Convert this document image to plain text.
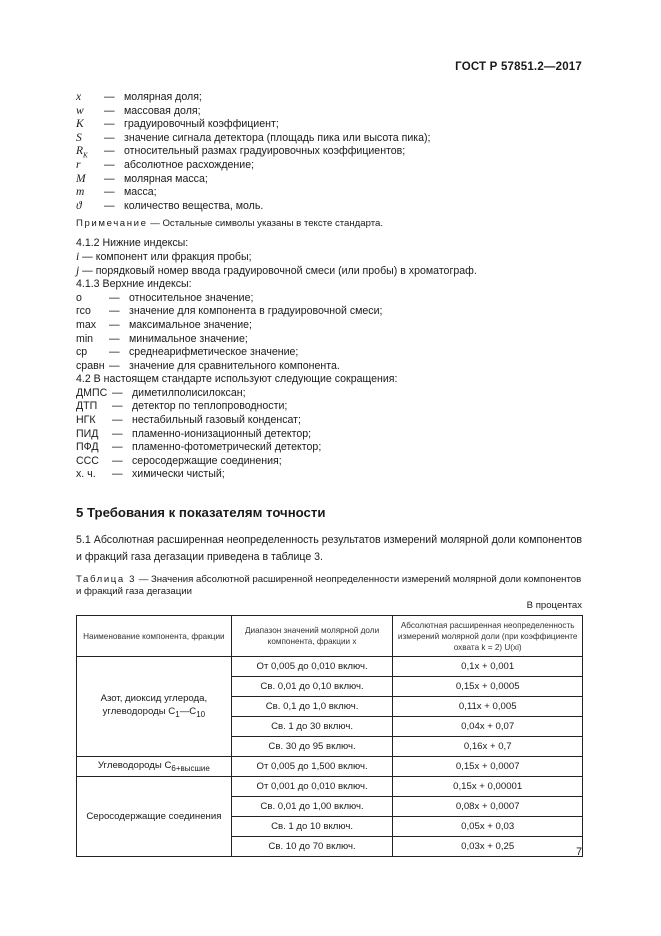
ГОСТ Р 57851.2—2017
x — молярная доля;
w — массовая доля;
K — градуировочный коэффициент;
S — значение сигнала детектора (площадь пика или высота пика);
$R_K$ — относительный размах градуировочных коэффициентов;
r — абсолютное расхождение;
M — молярная масса;
m — масса;
ϑ — количество вещества, моль.
Примечание — Остальные символы указаны в тексте стандарта.
4.1.2 Нижние индексы:
i — компонент или фракция пробы;
j — порядковый номер ввода градуировочной смеси (или пробы) в хроматограф.
4.1.3 Верхние индексы:
о	— относительное значение;
гсо — значение для компонента в градуировочной смеси;
max — максимальное значение;
min — минимальное значение;
ср — среднеарифметическое значение;
сравн — значение для сравнительного компонента.
4.2 В настоящем стандарте используют следующие сокращения:
ДМПС — диметилполисилоксан;
ДТП — детектор по теплопроводности;
НГК — нестабильный газовый конденсат;
ПИД — пламенно-ионизационный детектор;
ПФД — пламенно-фотометрический детектор;
ССС — серосодержащие соединения;
х. ч. — химически чистый;
5 Требования к показателям точности
5.1 Абсолютная расширенная неопределенность результатов измерений молярной доли компонентов и фракций газа дегазации приведена в таблице 3.
Таблица 3 — Значения абсолютной расширенной неопределенности измерений молярной доли компонентов и фракций газа дегазации
В процентах
Наименование компонента, фракции	Диапазон значений молярной доли компонента, фракции x	Абсолютная расширенная неопределенность измерений молярной доли (при коэффициенте охвата k = 2) U(xi)
Азот, диоксид углерода, углеводороды $C_1—C_{10}$	От 0,005 до 0,010 включ.	0,1x + 0,001
	Св. 0,01 до 0,10 включ.	0,15x + 0,0005
	Св. 0,1 до 1,0 включ.	0,11x + 0,005
	Св. 1 до 30 включ.	0,04x + 0,07
	Св. 30 до 95 включ.	0,16x + 0,7
Углеводороды $C_{6+высшие}$	От 0,005 до 1,500 включ.	0,15x + 0,0007
Серосодержащие соединения	От 0,001 до 0,010 включ.	0,15x + 0,00001
	Св. 0,01 до 1,00 включ.	0,08x + 0,0007
	Св. 1 до 10 включ.	0,05x + 0,03
	Св. 10 до 70 включ.	0,03x + 0,25	7
